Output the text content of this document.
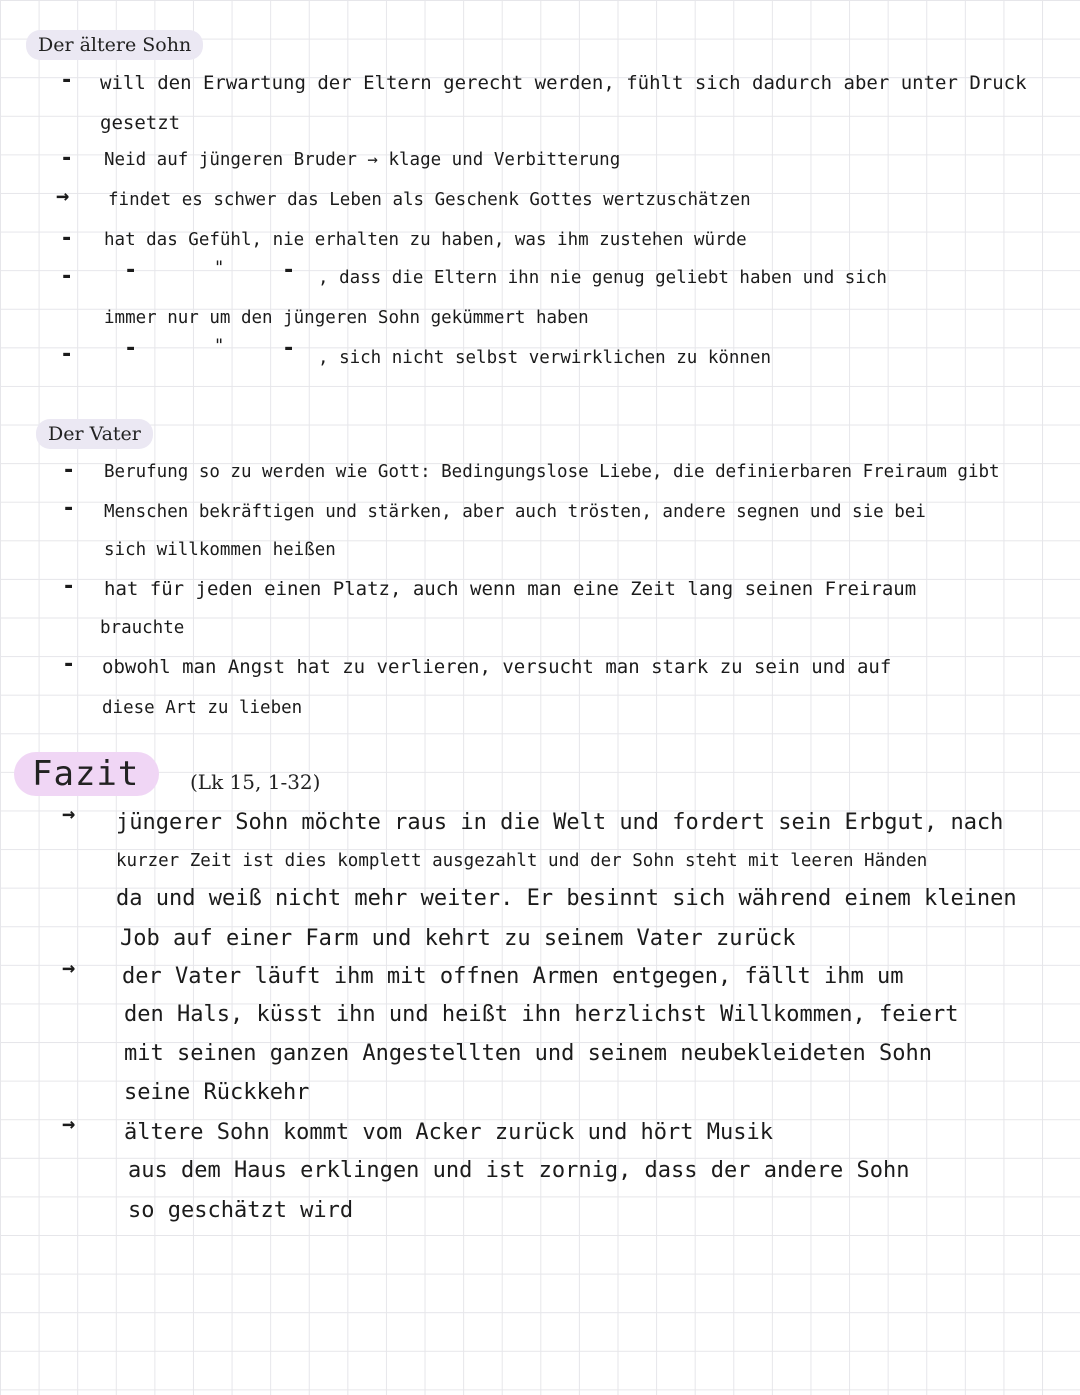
Der ältere Sohn
- will den Erwartung der Eltern gerecht werden, fühlt sich dadurch aber unter Druck
gesetzt
- Neid auf jüngeren Bruder → klage und Verbitterung
→ findet es schwer das Leben als Geschenk Gottes wertzuschätzen
- hat das Gefühl, nie erhalten zu haben, was ihm zustehen würde
- -	"	- , dass die Eltern ihn nie genug geliebt haben und sich
immer nur um den jüngeren Sohn gekümmert haben
- -	"	- , sich nicht selbst verwirklichen zu können
Der Vater
- Berufung so zu werden wie Gott: Bedingungslose Liebe, die definierbaren Freiraum gibt
- Menschen bekräftigen und stärken, aber auch trösten, andere segnen und sie bei
sich willkommen heißen
- hat für jeden einen Platz, auch wenn man eine Zeit lang seinen Freiraum
brauchte
- obwohl man Angst hat zu verlieren, versucht man stark zu sein und auf
diese Art zu lieben
Fazit	(Lk 15, 1-32)
→ jüngerer Sohn möchte raus in die Welt und fordert sein Erbgut, nach
kurzer Zeit ist dies komplett ausgezahlt und der Sohn steht mit leeren Händen
da und weiß nicht mehr weiter. Er besinnt sich während einem kleinen
Job auf einer Farm und kehrt zu seinem Vater zurück
→ der Vater läuft ihm mit offnen Armen entgegen, fällt ihm um
den Hals, küsst ihn und heißt ihn herzlichst Willkommen, feiert
mit seinen ganzen Angestellten und seinem neubekleideten Sohn
seine Rückkehr
→ ältere Sohn kommt vom Acker zurück und hört Musik
aus dem Haus erklingen und ist zornig, dass der andere Sohn
so geschätzt wird
